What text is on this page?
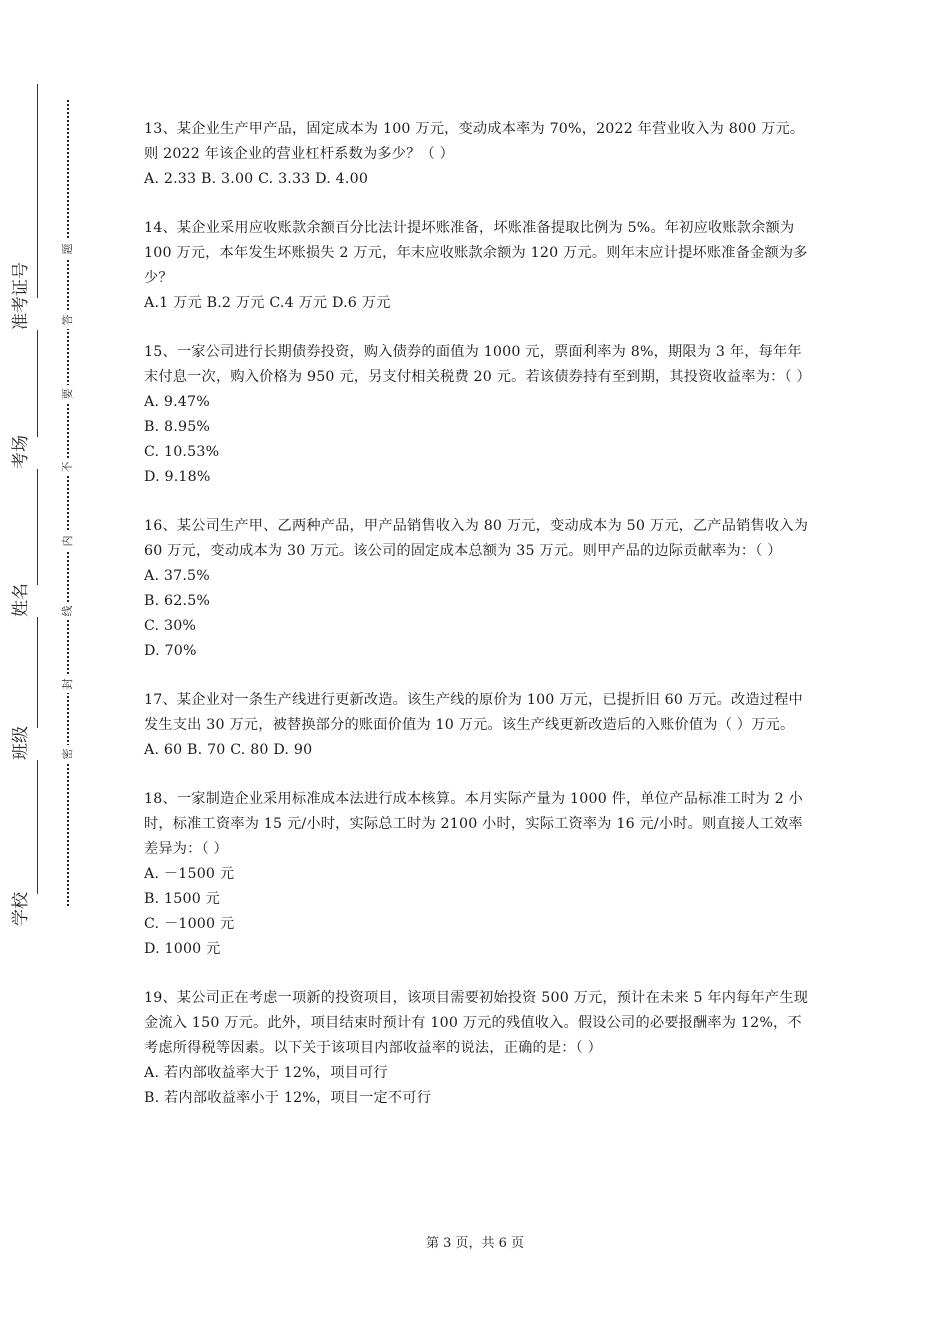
准考证号
考场
姓名
班级
学校
题
答
要
不
内
线
封
密

13、某企业生产甲产品，固定成本为 100 万元，变动成本率为 70%，2022 年营业收入为 800 万元。则 2022 年该企业的营业杠杆系数为多少？（ ）

A. 2.33 B. 3.00 C. 3.33 D. 4.00

14、某企业采用应收账款余额百分比法计提坏账准备，坏账准备提取比例为 5%。年初应收账款余额为 100 万元，本年发生坏账损失 2 万元，年末应收账款余额为 120 万元。则年末应计提坏账准备金额为多少？

A.1 万元 B.2 万元 C.4 万元 D.6 万元

15、一家公司进行长期债券投资，购入债券的面值为 1000 元，票面利率为 8%，期限为 3 年，每年年末付息一次，购入价格为 950 元，另支付相关税费 20 元。若该债券持有至到期，其投资收益率为：（ ）

A. 9.47%

B. 8.95%

C. 10.53%

D. 9.18%

16、某公司生产甲、乙两种产品，甲产品销售收入为 80 万元，变动成本为 50 万元，乙产品销售收入为 60 万元，变动成本为 30 万元。该公司的固定成本总额为 35 万元。则甲产品的边际贡献率为：（ ）

A. 37.5%

B. 62.5%

C. 30%

D. 70%

17、某企业对一条生产线进行更新改造。该生产线的原价为 100 万元，已提折旧 60 万元。改造过程中发生支出 30 万元，被替换部分的账面价值为 10 万元。该生产线更新改造后的入账价值为（ ）万元。

A. 60 B. 70 C. 80 D. 90

18、一家制造企业采用标准成本法进行成本核算。本月实际产量为 1000 件，单位产品标准工时为 2 小时，标准工资率为 15 元/小时，实际总工时为 2100 小时，实际工资率为 16 元/小时。则直接人工效率差异为：（ ）

A. －1500 元

B. 1500 元

C. －1000 元

D. 1000 元

19、某公司正在考虑一项新的投资项目，该项目需要初始投资 500 万元，预计在未来 5 年内每年产生现金流入 150 万元。此外，项目结束时预计有 100 万元的残值收入。假设公司的必要报酬率为 12%，不考虑所得税等因素。以下关于该项目内部收益率的说法，正确的是：（ ）

A. 若内部收益率大于 12%，项目可行

B. 若内部收益率小于 12%，项目一定不可行

第 3 页，共 6 页
